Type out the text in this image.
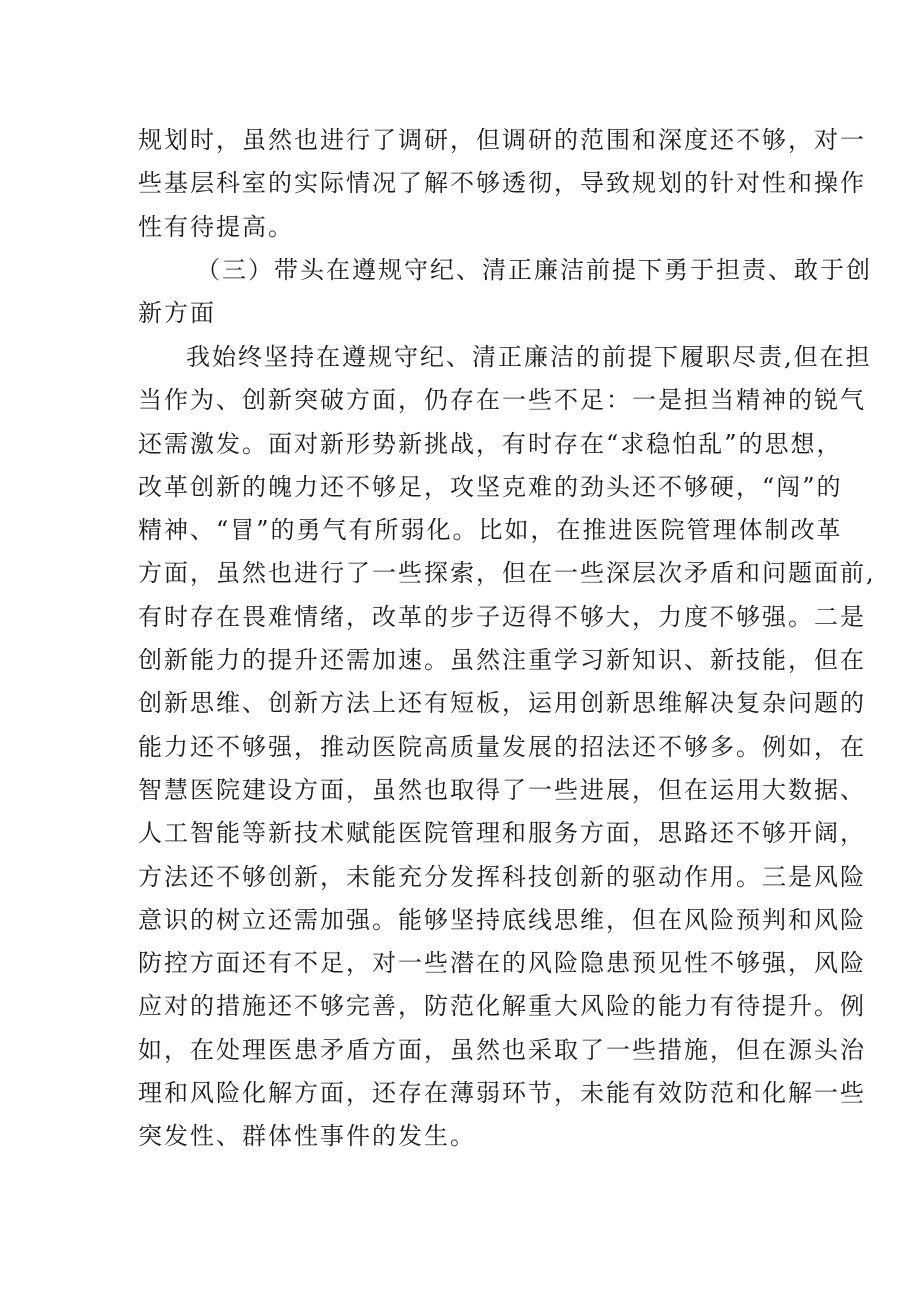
规划时，虽然也进行了调研，但调研的范围和深度还不够，对一
些基层科室的实际情况了解不够透彻，导致规划的针对性和操作
性有待提高。
（三）带头在遵规守纪、清正廉洁前提下勇于担责、敢于创
新方面
我始终坚持在遵规守纪、清正廉洁的前提下履职尽责,但在担
当作为、创新突破方面，仍存在一些不足：一是担当精神的锐气
还需激发。面对新形势新挑战，有时存在“求稳怕乱”的思想，
改革创新的魄力还不够足，攻坚克难的劲头还不够硬，“闯”的
精神、“冒”的勇气有所弱化。比如，在推进医院管理体制改革
方面，虽然也进行了一些探索，但在一些深层次矛盾和问题面前,
有时存在畏难情绪，改革的步子迈得不够大，力度不够强。二是
创新能力的提升还需加速。虽然注重学习新知识、新技能，但在
创新思维、创新方法上还有短板，运用创新思维解决复杂问题的
能力还不够强，推动医院高质量发展的招法还不够多。例如，在
智慧医院建设方面，虽然也取得了一些进展，但在运用大数据、
人工智能等新技术赋能医院管理和服务方面，思路还不够开阔，
方法还不够创新，未能充分发挥科技创新的驱动作用。三是风险
意识的树立还需加强。能够坚持底线思维，但在风险预判和风险
防控方面还有不足，对一些潜在的风险隐患预见性不够强，风险
应对的措施还不够完善，防范化解重大风险的能力有待提升。例
如，在处理医患矛盾方面，虽然也采取了一些措施，但在源头治
理和风险化解方面，还存在薄弱环节，未能有效防范和化解一些
突发性、群体性事件的发生。
